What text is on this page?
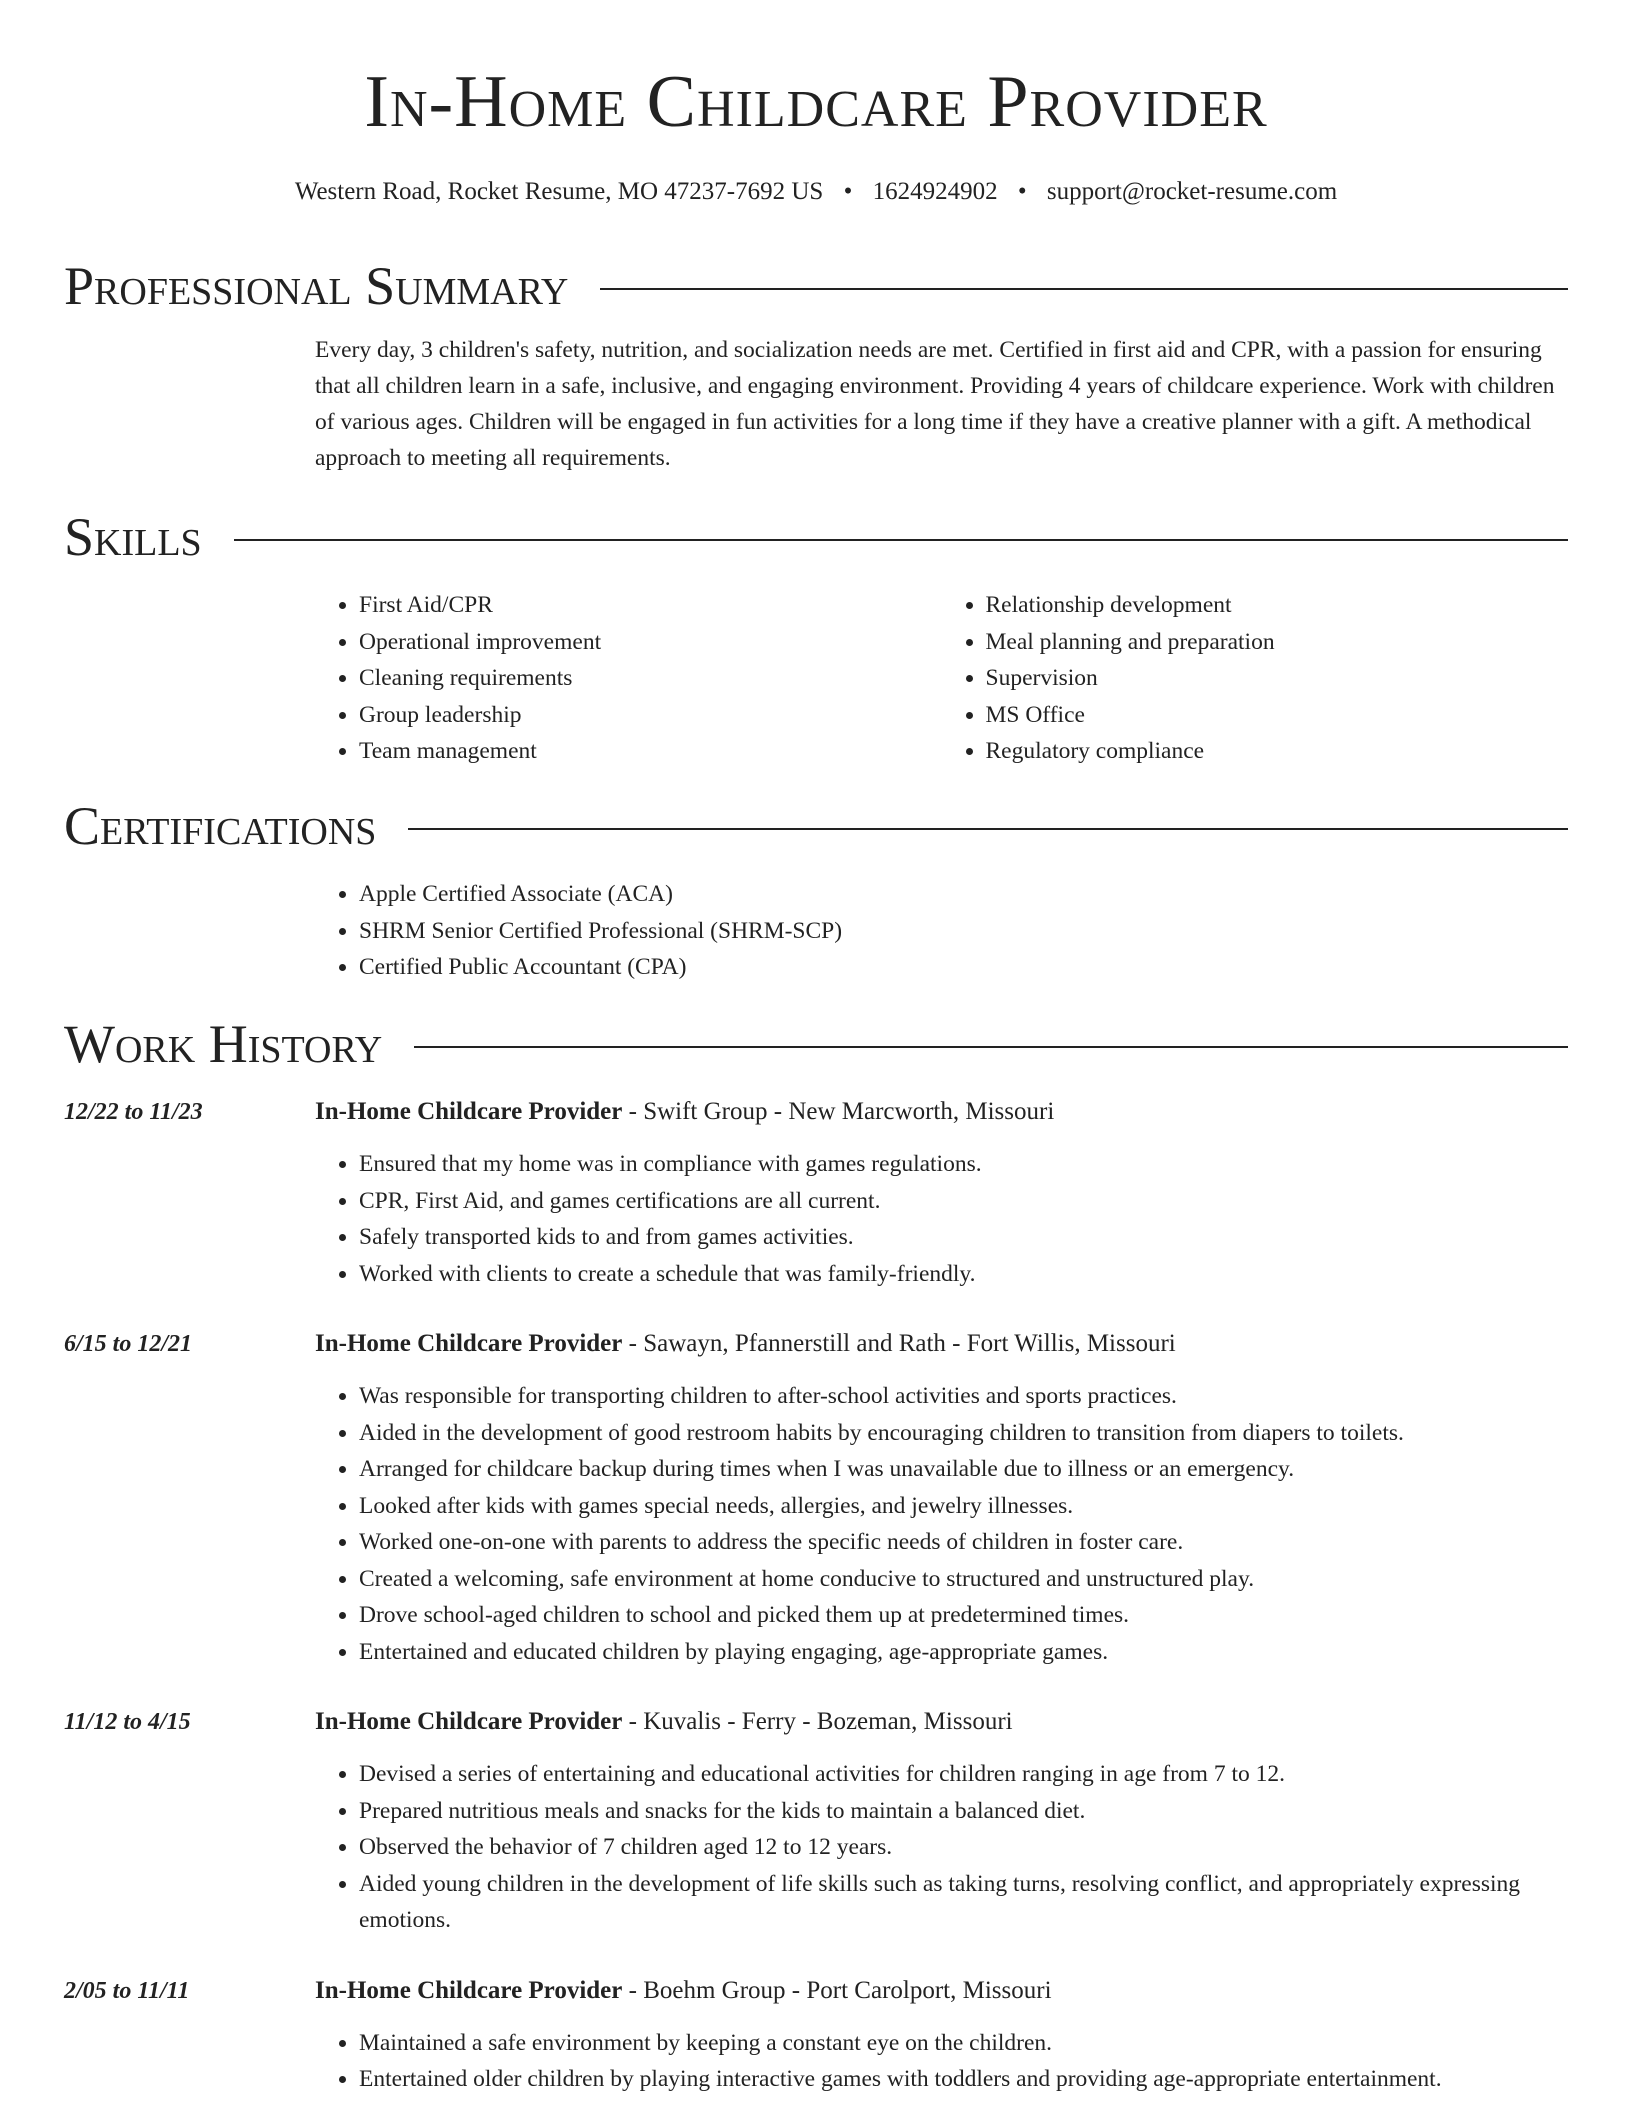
In-Home Childcare Provider
Western Road, Rocket Resume, MO 47237-7692 US • 1624924902 • support@rocket-resume.com
Professional Summary

Every day, 3 children's safety, nutrition, and socialization needs are met. Certified in first aid and CPR, with a passion for ensuring that all children learn in a safe, inclusive, and engaging environment. Providing 4 years of childcare experience. Work with children of various ages. Children will be engaged in fun activities for a long time if they have a creative planner with a gift. A methodical approach to meeting all requirements.

Skills
• First Aid/CPR
• Operational improvement
• Cleaning requirements
• Group leadership
• Team management
• Relationship development
• Meal planning and preparation
• Supervision
• MS Office
• Regulatory compliance
Certifications
• Apple Certified Associate (ACA)
• SHRM Senior Certified Professional (SHRM-SCP)
• Certified Public Accountant (CPA)
Work History
12/22 to 11/23	In-Home Childcare Provider - Swift Group - New Marcworth, Missouri
• Ensured that my home was in compliance with games regulations.
• CPR, First Aid, and games certifications are all current.
• Safely transported kids to and from games activities.
• Worked with clients to create a schedule that was family-friendly.
6/15 to 12/21	In-Home Childcare Provider - Sawayn, Pfannerstill and Rath - Fort Willis, Missouri
• Was responsible for transporting children to after-school activities and sports practices.
• Aided in the development of good restroom habits by encouraging children to transition from diapers to toilets.
• Arranged for childcare backup during times when I was unavailable due to illness or an emergency.
• Looked after kids with games special needs, allergies, and jewelry illnesses.
• Worked one-on-one with parents to address the specific needs of children in foster care.
• Created a welcoming, safe environment at home conducive to structured and unstructured play.
• Drove school-aged children to school and picked them up at predetermined times.
• Entertained and educated children by playing engaging, age-appropriate games.
11/12 to 4/15	In-Home Childcare Provider - Kuvalis - Ferry - Bozeman, Missouri
• Devised a series of entertaining and educational activities for children ranging in age from 7 to 12.
• Prepared nutritious meals and snacks for the kids to maintain a balanced diet.
• Observed the behavior of 7 children aged 12 to 12 years.
• Aided young children in the development of life skills such as taking turns, resolving conflict, and appropriately expressing emotions.
2/05 to 11/11	In-Home Childcare Provider - Boehm Group - Port Carolport, Missouri
• Maintained a safe environment by keeping a constant eye on the children.
• Entertained older children by playing interactive games with toddlers and providing age-appropriate entertainment.
